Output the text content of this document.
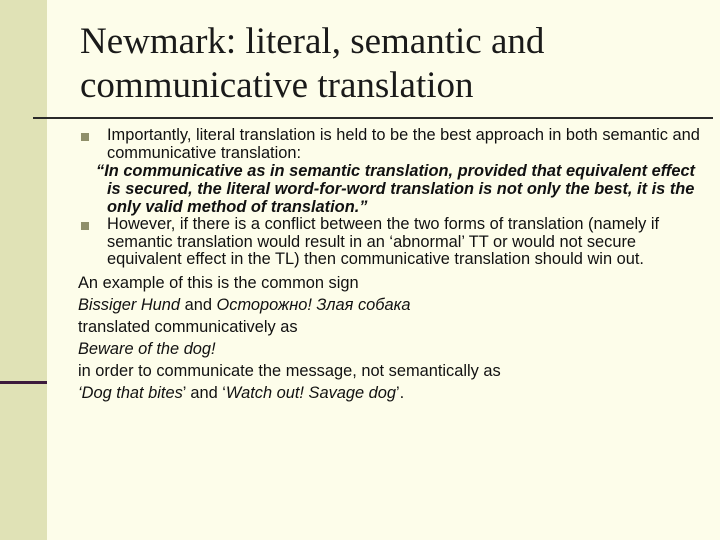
Newmark: literal, semantic and
communicative translation
Importantly, literal translation is held to be the best approach in both semantic and communicative translation:
“In communicative as in semantic translation, provided that equivalent effect is secured, the literal word-for-word translation is not only the best, it is the only valid method of translation.”
However, if there is a conflict between the two forms of translation (namely if semantic translation would result in an ‘abnormal’ TT or would not secure equivalent effect in the TL) then communicative translation should win out.
An example of this is the common sign
Bissiger Hund and Осторожно! Злая собака
translated communicatively as
Beware of the dog!
in order to communicate the message, not semantically as
‘Dog that bites’ and ‘Watch out! Savage dog’.
